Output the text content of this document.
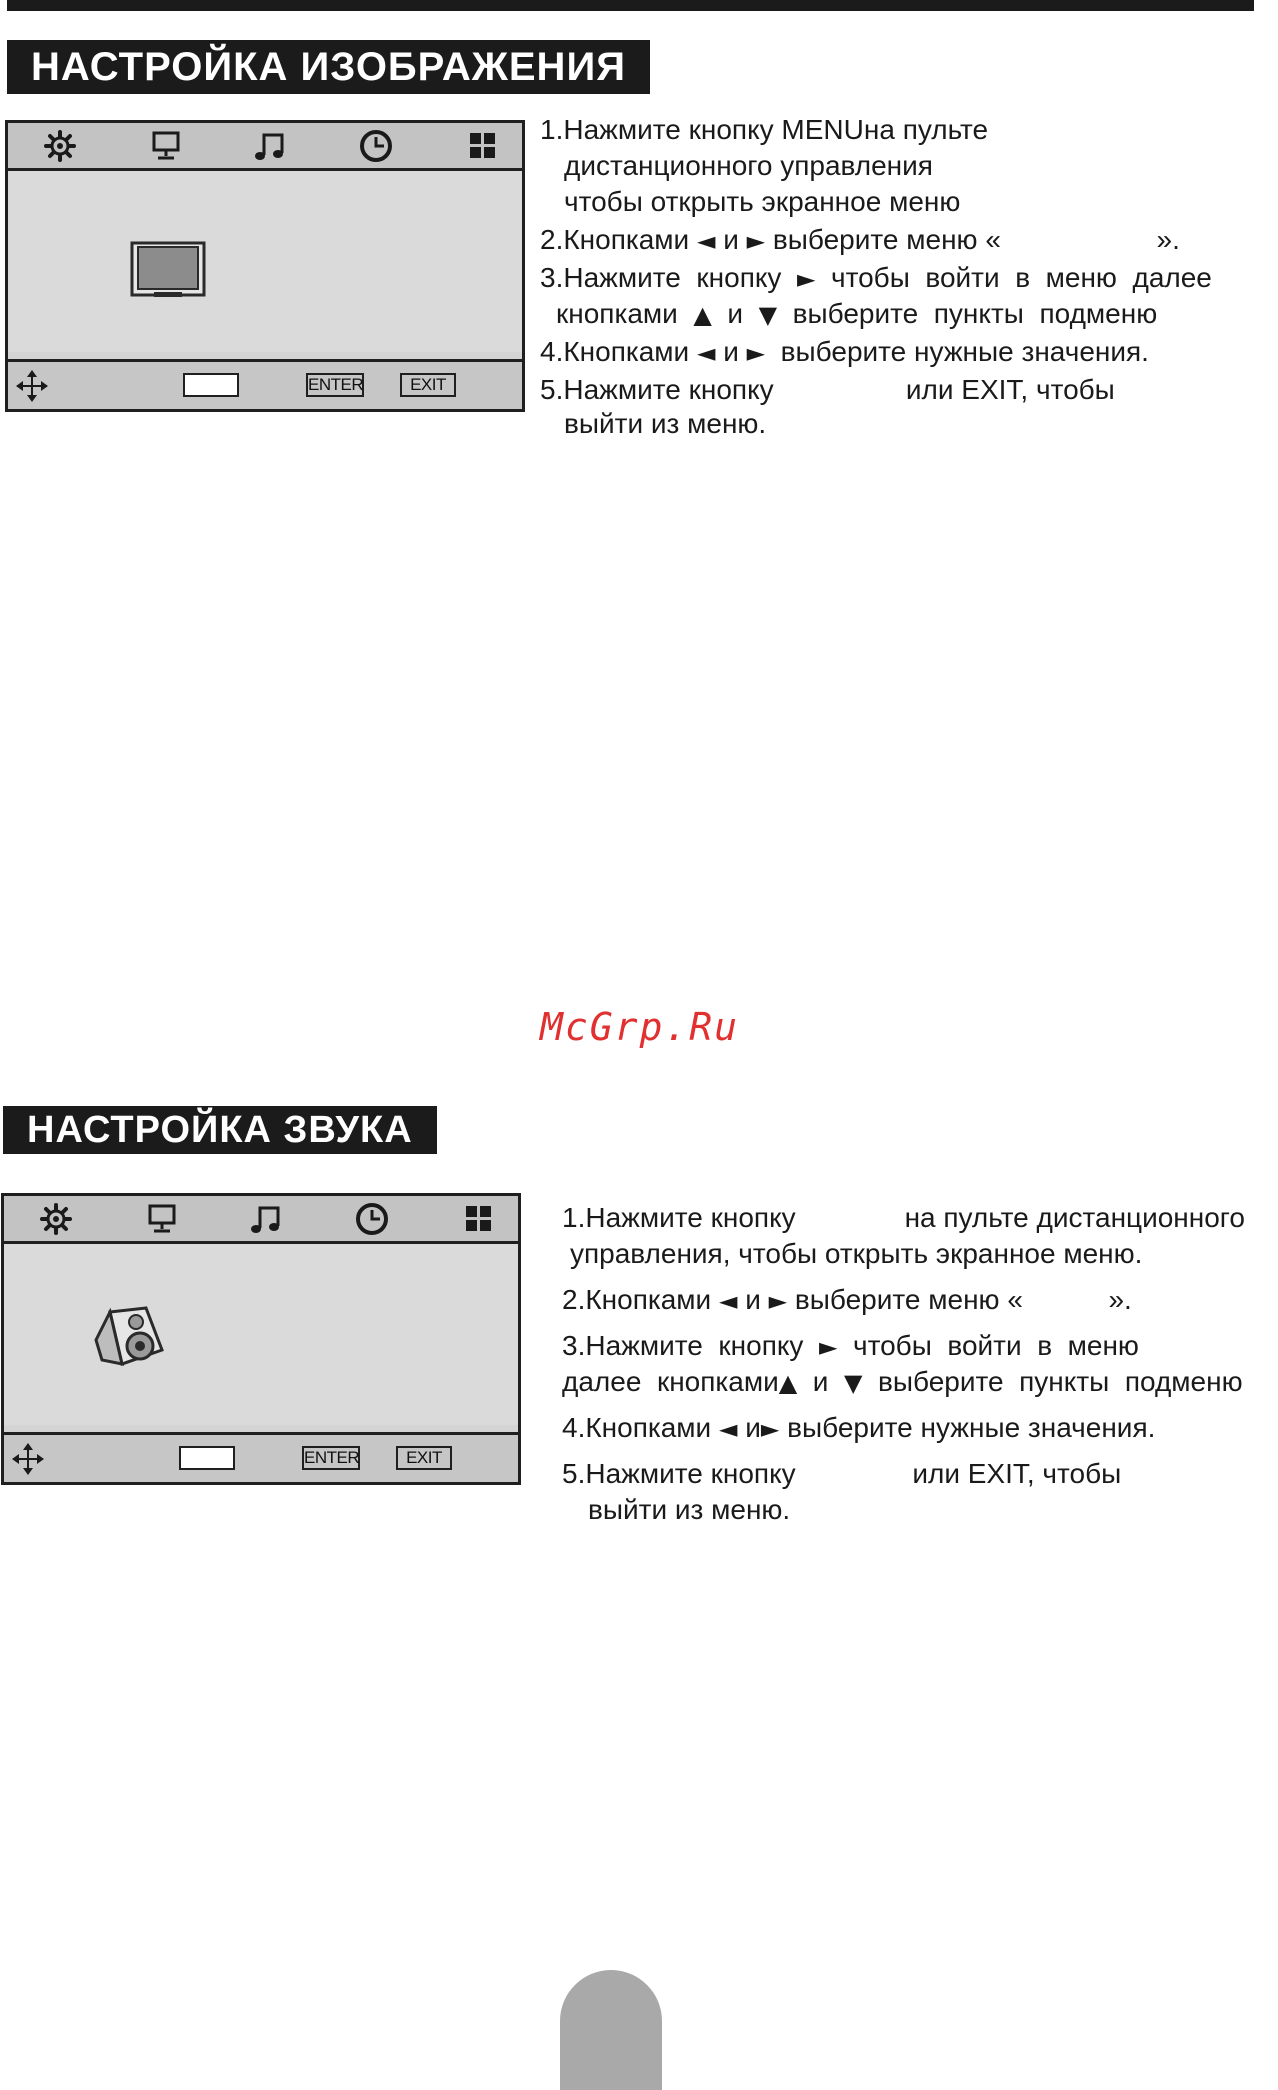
НАСТРОЙКА ИЗОБРАЖЕНИЯ
ENTER	EXIT
1.Нажмите кнопку MENUна пульте
дистанционного управления
чтобы открыть экранное меню
2.Кнопками ◄ и ► выберите меню «	».
3.Нажмите  кнопку  ►  чтобы  войти  в  меню  далее
кнопками  ▲  и  ▼  выберите  пункты  подменю
4.Кнопками ◄ и ►  выберите нужные значения.
5.Нажмите кнопку	или EXIT, чтобы
выйти из меню.
McGrp.Ru
НАСТРОЙКА ЗВУКА
ENTER	EXIT
1.Нажмите кнопку	на пульте дистанционного
управления, чтобы открыть экранное меню.
2.Кнопками ◄ и ► выберите меню «	».
3.Нажмите  кнопку  ►  чтобы  войти  в  меню
далее  кнопками▲  и  ▼  выберите  пункты  подменю
4.Кнопками ◄ и► выберите нужные значения.
5.Нажмите кнопку	или EXIT, чтобы
выйти из меню.
